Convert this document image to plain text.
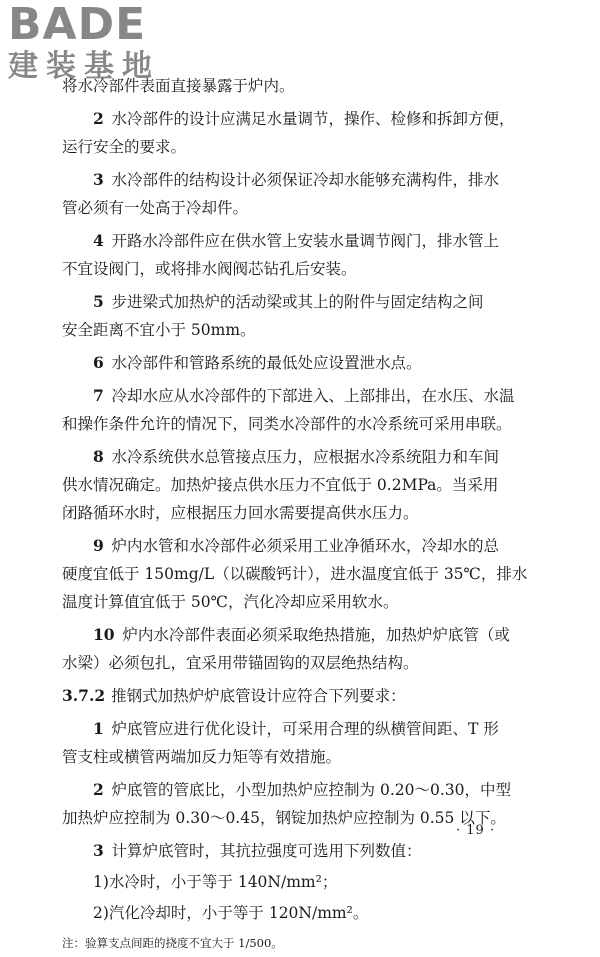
BADE
建装基地

将水冷部件表面直接暴露于炉内。

2  水冷部件的设计应满足水量调节，操作、检修和拆卸方便，

运行安全的要求。

3  水冷部件的结构设计必须保证冷却水能够充满构件，排水

管必须有一处高于冷却件。

4  开路水冷部件应在供水管上安装水量调节阀门，排水管上

不宜设阀门，或将排水阀阀芯钻孔后安装。

5  步进梁式加热炉的活动梁或其上的附件与固定结构之间

安全距离不宜小于 50mm。

6  水冷部件和管路系统的最低处应设置泄水点。

7  冷却水应从水冷部件的下部进入、上部排出，在水压、水温

和操作条件允许的情况下，同类水冷部件的水冷系统可采用串联。

8  水冷系统供水总管接点压力，应根据水冷系统阻力和车间

供水情况确定。加热炉接点供水压力不宜低于 0.2MPa。当采用

闭路循环水时，应根据压力回水需要提高供水压力。

9  炉内水管和水冷部件必须采用工业净循环水，冷却水的总

硬度宜低于 150mg/L（以碳酸钙计），进水温度宜低于 35℃，排水

温度计算值宜低于 50℃，汽化冷却应采用软水。

10  炉内水冷部件表面必须采取绝热措施，加热炉炉底管（或

水梁）必须包扎，宜采用带锚固钩的双层绝热结构。

3.7.2 推钢式加热炉炉底管设计应符合下列要求：

1  炉底管应进行优化设计，可采用合理的纵横管间距、T 形

管支柱或横管两端加反力矩等有效措施。

2  炉底管的管底比，小型加热炉应控制为 0.20～0.30，中型

加热炉应控制为 0.30～0.45，钢锭加热炉应控制为 0.55 以下。

3  计算炉底管时，其抗拉强度可选用下列数值：

1)水冷时，小于等于 140N/mm²；

2)汽化冷却时，小于等于 120N/mm²。

注：验算支点间距的挠度不宜大于 1/500。

· 19 ·
